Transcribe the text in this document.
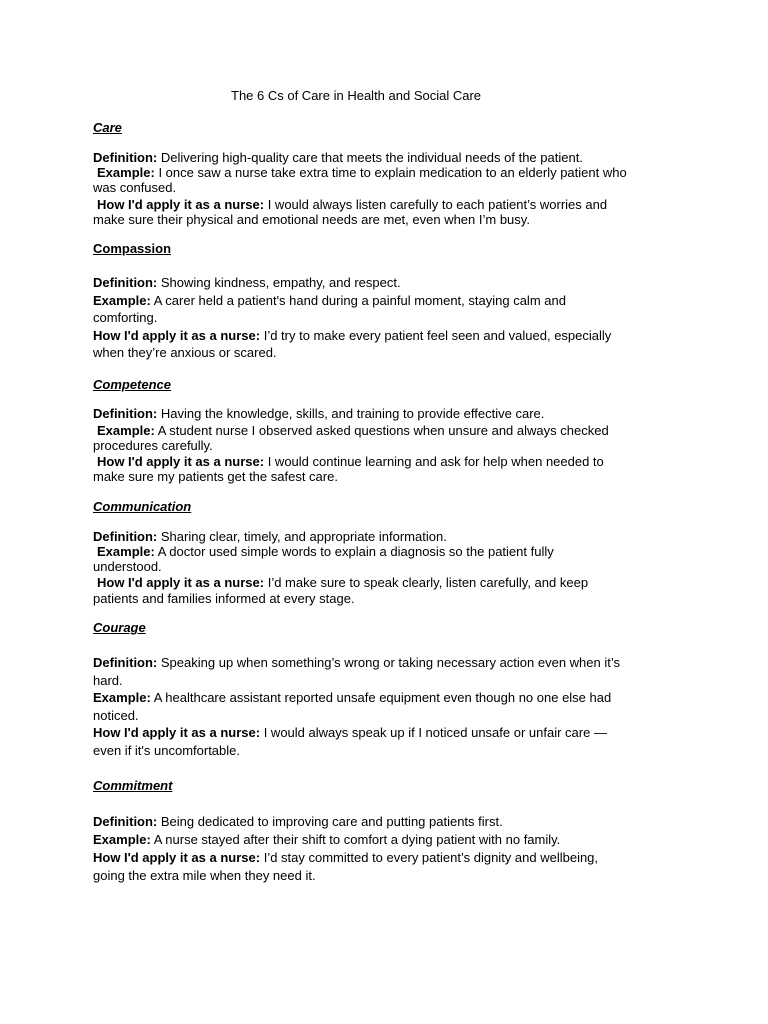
The 6 Cs of Care in Health and Social Care
Care
Definition: Delivering high-quality care that meets the individual needs of the patient.
Example: I once saw a nurse take extra time to explain medication to an elderly patient who
was confused.
How I'd apply it as a nurse: I would always listen carefully to each patient’s worries and
make sure their physical and emotional needs are met, even when I’m busy.
Compassion
Definition: Showing kindness, empathy, and respect.
Example: A carer held a patient's hand during a painful moment, staying calm and
comforting.
How I'd apply it as a nurse: I’d try to make every patient feel seen and valued, especially
when they’re anxious or scared.
Competence
Definition: Having the knowledge, skills, and training to provide effective care.
Example: A student nurse I observed asked questions when unsure and always checked
procedures carefully.
How I'd apply it as a nurse: I would continue learning and ask for help when needed to
make sure my patients get the safest care.
Communication
Definition: Sharing clear, timely, and appropriate information.
Example: A doctor used simple words to explain a diagnosis so the patient fully
understood.
How I'd apply it as a nurse: I’d make sure to speak clearly, listen carefully, and keep
patients and families informed at every stage.
Courage
Definition: Speaking up when something’s wrong or taking necessary action even when it’s
hard.
Example: A healthcare assistant reported unsafe equipment even though no one else had
noticed.
How I'd apply it as a nurse: I would always speak up if I noticed unsafe or unfair care —
even if it's uncomfortable.
Commitment
Definition: Being dedicated to improving care and putting patients first.
Example: A nurse stayed after their shift to comfort a dying patient with no family.
How I'd apply it as a nurse: I’d stay committed to every patient’s dignity and wellbeing,
going the extra mile when they need it.
